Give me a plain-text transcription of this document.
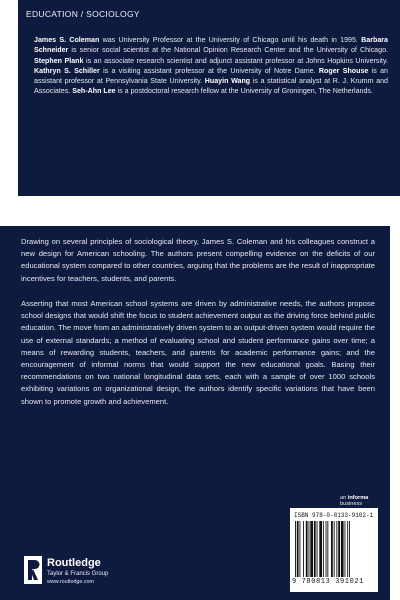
EDUCATION / SOCIOLOGY

James S. Coleman was University Professor at the University of Chicago until his death in 1995. Barbara Schneider is senior social scientist at the National Opinion Research Center and the University of Chicago. Stephen Plank is an associate research scientist and adjunct assistant professor at Johns Hopkins University. Kathryn S. Schiller is a visiting assistant professor at the University of Notre Dame. Roger Shouse is an assistant professor at Pennsylvania State University. Huayin Wang is a statistical analyst at R. J. Krumm and Associates. Seh-Ahn Lee is a postdoctoral research fellow at the University of Groningen, The Netherlands.

Drawing on several principles of sociological theory, James S. Coleman and his colleagues construct a new design for American schooling. The authors present compelling evidence on the deficits of our educational system compared to other countries, arguing that the problems are the result of inappropriate incentives for teachers, students, and parents.

Asserting that most American school systems are driven by administrative needs, the authors propose school designs that would shift the focus to student achievement output as the driving force behind public education. The move from an administratively driven system to an output-driven system would require the use of external standards; a method of evaluating school and student performance gains over time; a means of rewarding students, teachers, and parents for academic performance gains; and the encouragement of informal norms that would support the new educational goals. Basing their recommendations on two national longitudinal data sets, each with a sample of over 1000 schools exhibiting variations on organizational design, the authors identify specific variations that have been shown to promote growth and achievement.

an informa business
ISBN 978-0-8133-9102-1
9 780813 391021
Routledge
Taylor & Francis Group
www.routledge.com
